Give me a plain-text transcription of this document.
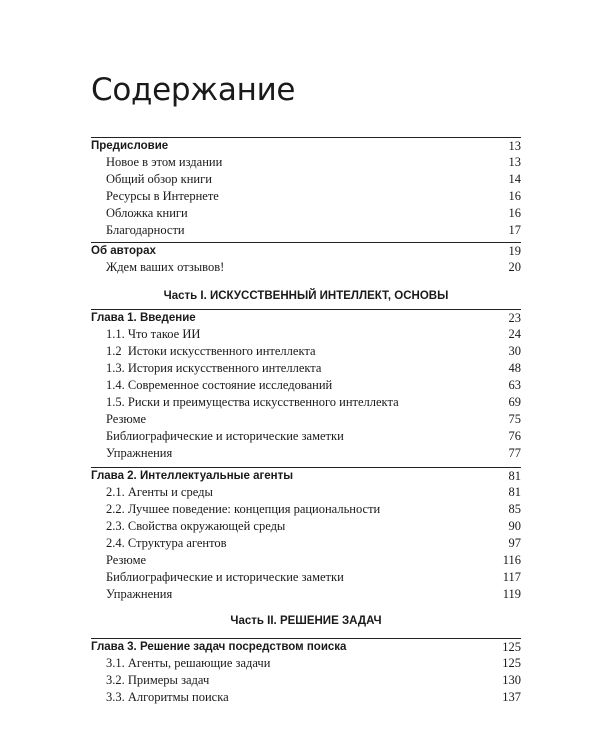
Содержание
Предисловие	13
Новое в этом издании	13
Общий обзор книги	14
Ресурсы в Интернете	16
Обложка книги	16
Благодарности	17
Об авторах	19
Ждем ваших отзывов!	20
Часть I. ИСКУССТВЕННЫЙ ИНТЕЛЛЕКТ, ОСНОВЫ
Глава 1. Введение	23
1.1. Что такое ИИ	24
1.2  Истоки искусственного интеллекта	30
1.3. История искусственного интеллекта	48
1.4. Современное состояние исследований	63
1.5. Риски и преимущества искусственного интеллекта	69
Резюме	75
Библиографические и исторические заметки	76
Упражнения	77
Глава 2. Интеллектуальные агенты	81
2.1. Агенты и среды	81
2.2. Лучшее поведение: концепция рациональности	85
2.3. Свойства окружающей среды	90
2.4. Структура агентов	97
Резюме	116
Библиографические и исторические заметки	117
Упражнения	119
Часть II. РЕШЕНИЕ ЗАДАЧ
Глава 3. Решение задач посредством поиска	125
3.1. Агенты, решающие задачи	125
3.2. Примеры задач	130
3.3. Алгоритмы поиска	137
